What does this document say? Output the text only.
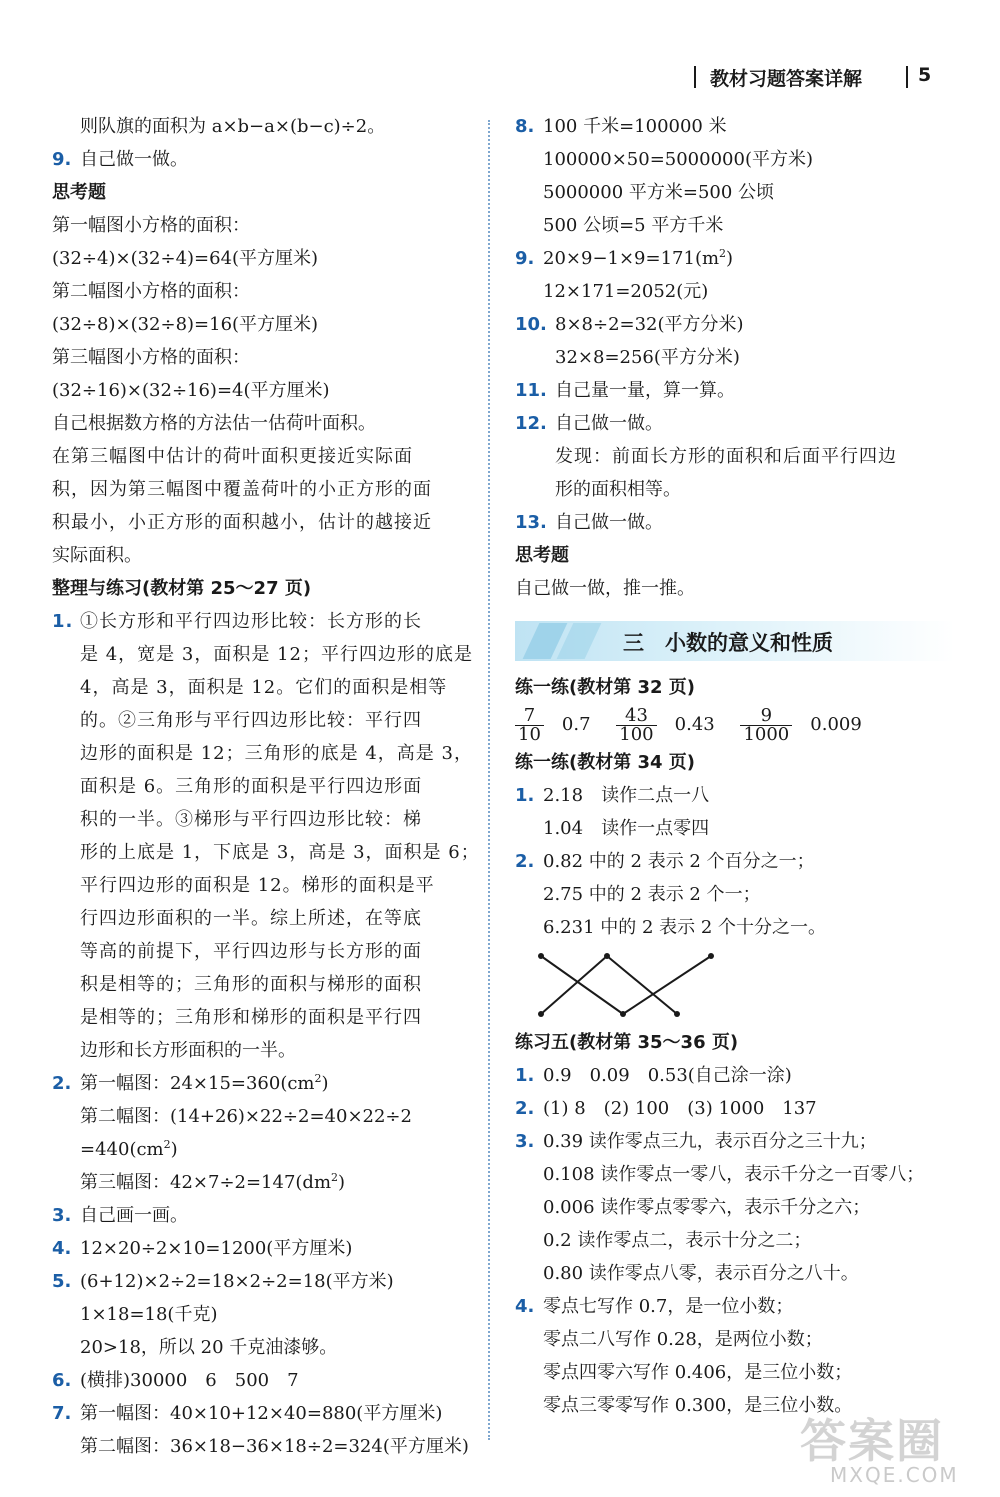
教材习题答案详解	5
则队旗的面积为 a×b−a×(b−c)÷2。
9. 自己做一做。
思考题
第一幅图小方格的面积：
(32÷4)×(32÷4)=64(平方厘米)
第二幅图小方格的面积：
(32÷8)×(32÷8)=16(平方厘米)
第三幅图小方格的面积：
(32÷16)×(32÷16)=4(平方厘米)
自己根据数方格的方法估一估荷叶面积。
在第三幅图中估计的荷叶面积更接近实际面
积，因为第三幅图中覆盖荷叶的小正方形的面
积最小，小正方形的面积越小，估计的越接近
实际面积。
整理与练习(教材第 25～27 页)
1. ①长方形和平行四边形比较：长方形的长
是 4，宽是 3，面积是 12；平行四边形的底是
4，高是 3，面积是 12。它们的面积是相等
的。②三角形与平行四边形比较：平行四
边形的面积是 12；三角形的底是 4，高是 3，
面积是 6。三角形的面积是平行四边形面
积的一半。③梯形与平行四边形比较：梯
形的上底是 1，下底是 3，高是 3，面积是 6；
平行四边形的面积是 12。梯形的面积是平
行四边形面积的一半。综上所述，在等底
等高的前提下，平行四边形与长方形的面
积是相等的；三角形的面积与梯形的面积
是相等的；三角形和梯形的面积是平行四
边形和长方形面积的一半。
2. 第一幅图：$24\times 15=360(cm^2)$
第二幅图：(14+26)×22÷2=40×22÷2
$=440(cm^2)$
第三幅图：$42\times 7\div 2=147(dm^2)$
3. 自己画一画。
4. 12×20÷2×10=1200(平方厘米)
5. (6+12)×2÷2=18×2÷2=18(平方米)
1×18=18(千克)
20>18，所以 20 千克油漆够。
6. (横排)30000　6　500　7
7. 第一幅图：40×10+12×40=880(平方厘米)
第二幅图：36×18−36×18÷2=324(平方厘米)
8. 100 千米=100000 米
100000×50=5000000(平方米)
5000000 平方米=500 公顷
500 公顷=5 平方千米
9. $20\times 9-1\times 9=171(m^2)$
12×171=2052(元)
10. 8×8÷2=32(平方分米)
32×8=256(平方分米)
11. 自己量一量，算一算。
12. 自己做一做。
发现：前面长方形的面积和后面平行四边
形的面积相等。
13. 自己做一做。
思考题
自己做一做，推一推。
三　小数的意义和性质
练一练(教材第 32 页)
$\frac{7}{10} 0.7 \frac{43}{100} 0.43 \frac{9}{1000} 0.009$
练一练(教材第 34 页)
1. 2.18　读作二点一八
1.04　读作一点零四
2. 0.82 中的 2 表示 2 个百分之一；
2.75 中的 2 表示 2 个一；
6.231 中的 2 表示 2 个十分之一。
练习五(教材第 35～36 页)
1. 0.9　0.09　0.53(自己涂一涂)
2. (1) 8　(2) 100　(3) 1000　137
3. 0.39 读作零点三九，表示百分之三十九；
0.108 读作零点一零八，表示千分之一百零八；
0.006 读作零点零零六，表示千分之六；
0.2 读作零点二，表示十分之二；
0.80 读作零点八零，表示百分之八十。
4. 零点七写作 0.7，是一位小数；
零点二八写作 0.28，是两位小数；
零点四零六写作 0.406，是三位小数；
零点三零零写作 0.300，是三位小数。
答案圈
MXQE.COM
